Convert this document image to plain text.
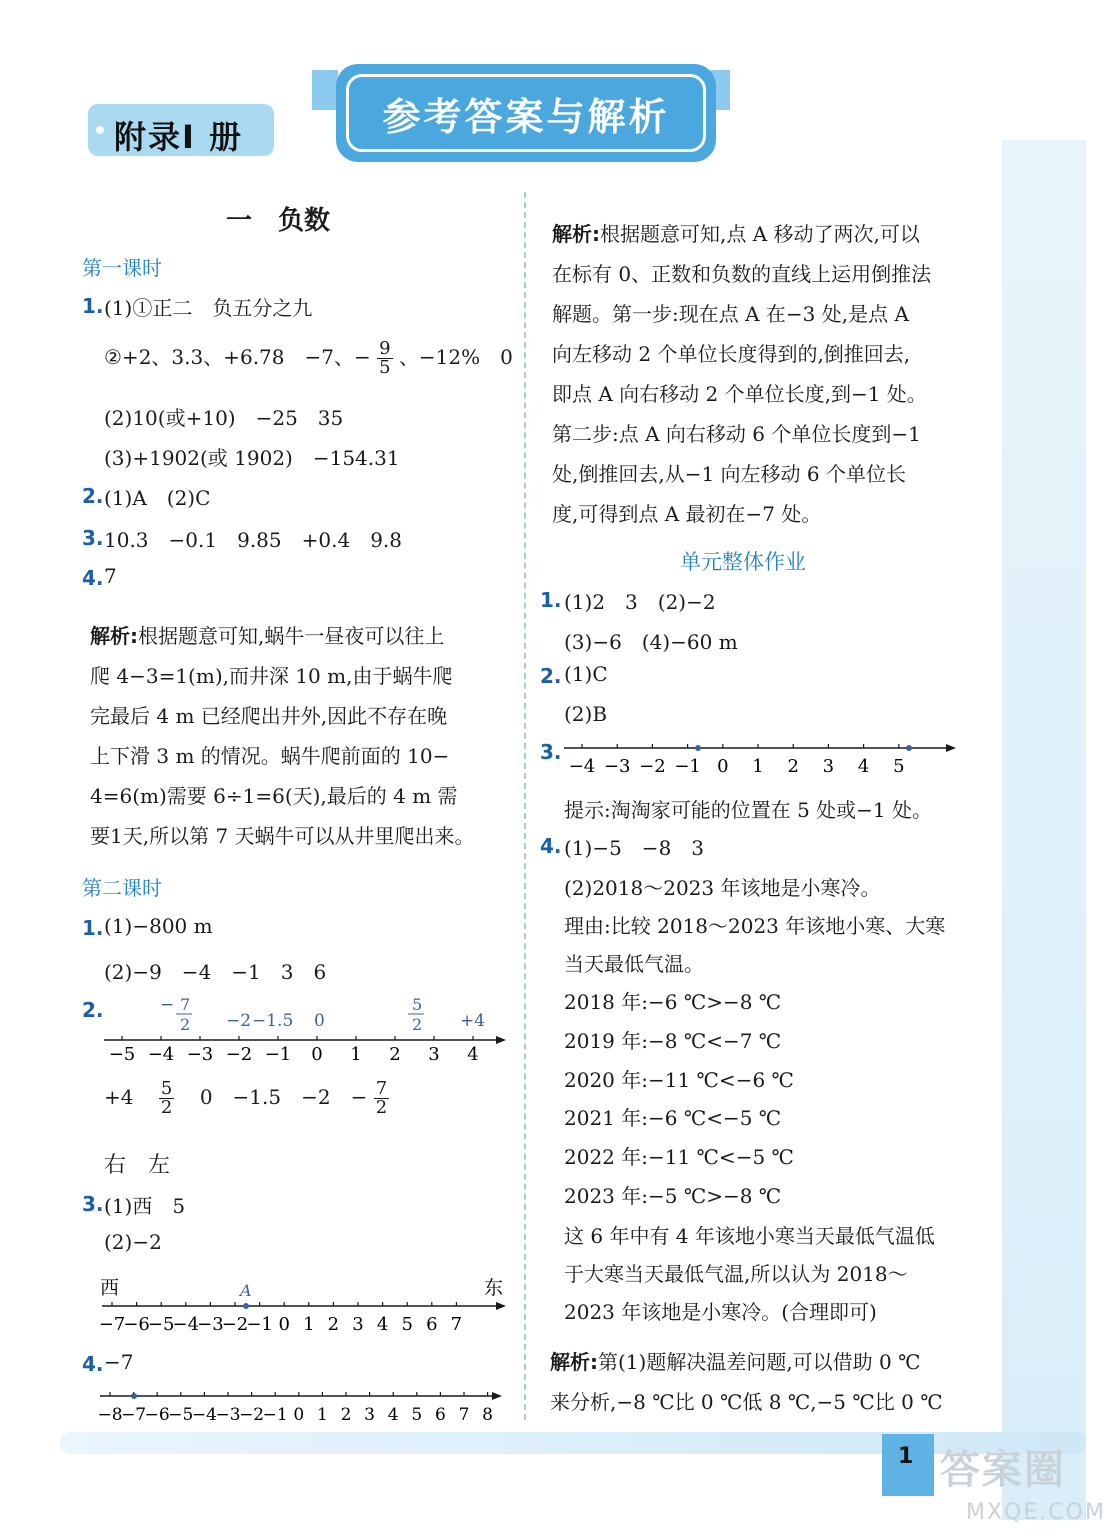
附录I 册	参考答案与解析
一　负数
第一课时
1. (1)①正二　负五分之九
②+2、3.3、+6.78　−7、− $\frac{9}{5}$ 、−12%　0
(2)10(或+10)　−25　35
(3)+1902(或 1902)　−154.31
2. (1)A　(2)C
3. 10.3　−0.1　9.85　+0.4　9.8
4. 7
解析:根据题意可知,蜗牛一昼夜可以往上
爬 4−3=1(m),而井深 10 m,由于蜗牛爬
完最后 4 m 已经爬出井外,因此不存在晚
上下滑 3 m 的情况。蜗牛爬前面的 10−
4=6(m)需要 6÷1=6(天),最后的 4 m 需
要1天,所以第 7 天蜗牛可以从井里爬出来。
第二课时
1. (1)−800 m
(2)−9　−4　−1　3　6
2.
−5 −4 −3 −2 −1 0 1 2 3 4
− 7
2 −2 −1.5 0
5
2 +4
$+4 \frac{5}{2} 0$　−1.5　−2　− $\frac{7}{2}$
右　左
3. (1)西　5
(2)−2
西	东
A
−7
−6
−5
−4
−3
−2
−1 0 1 2 3 4 5 6 7
4. −7
−8
−7
−6
−5
−4
−3
−2
−1 0 1 2 3 4 5 6 7 8
解析:根据题意可知,点 A 移动了两次,可以
在标有 0、正数和负数的直线上运用倒推法
解题。第一步:现在点 A 在−3 处,是点 A
向左移动 2 个单位长度得到的,倒推回去,
即点 A 向右移动 2 个单位长度,到−1 处。
第二步:点 A 向右移动 6 个单位长度到−1
处,倒推回去,从−1 向左移动 6 个单位长
度,可得到点 A 最初在−7 处。
单元整体作业
1. (1)2　3　(2)−2
(3)−6　(4)−60 m
2. (1)C
(2)B
3.
−4 −3 −2 −1 0 1 2 3 4 5
提示:淘淘家可能的位置在 5 处或−1 处。
4. (1)−5　−8　3
(2)2018～2023 年该地是小寒冷。
理由:比较 2018～2023 年该地小寒、大寒
当天最低气温。
2018 年:−6 ℃>−8 ℃
2019 年:−8 ℃<−7 ℃
2020 年:−11 ℃<−6 ℃
2021 年:−6 ℃<−5 ℃
2022 年:−11 ℃<−5 ℃
2023 年:−5 ℃>−8 ℃
这 6 年中有 4 年该地小寒当天最低气温低
于大寒当天最低气温,所以认为 2018～
2023 年该地是小寒冷。(合理即可)
解析:第(1)题解决温差问题,可以借助 0 ℃
来分析,−8 ℃比 0 ℃低 8 ℃,−5 ℃比 0 ℃
1 答案圈
MXQE.COM
